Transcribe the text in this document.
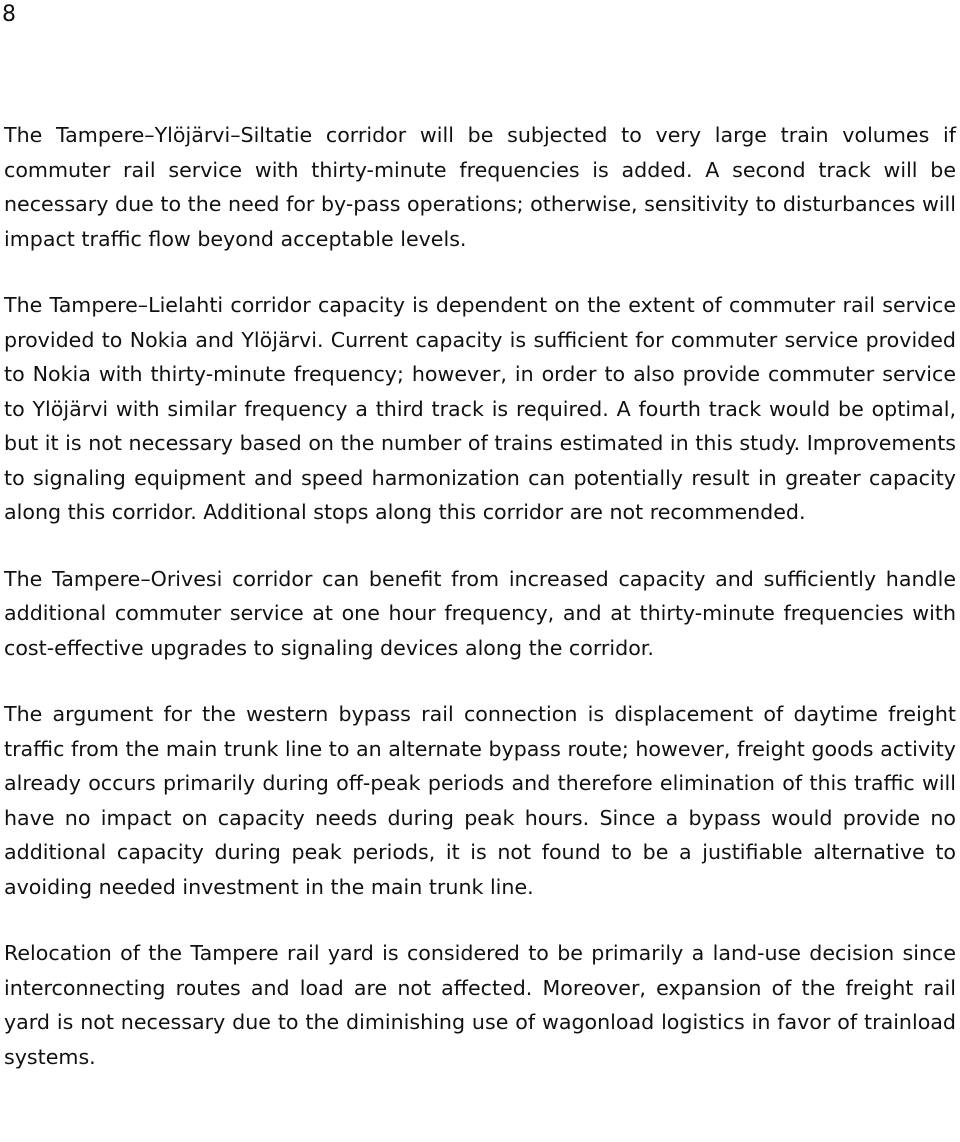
8

The Tampere–Ylöjärvi–Siltatie corridor will be subjected to very large train volumes if commuter rail service with thirty-minute frequencies is added. A second track will be necessary due to the need for by-pass operations; otherwise, sensitivity to disturbances will impact traffic flow beyond acceptable levels.

The Tampere–Lielahti corridor capacity is dependent on the extent of commuter rail service provided to Nokia and Ylöjärvi. Current capacity is sufficient for commuter service provided to Nokia with thirty-minute frequency; however, in order to also provide commuter service to Ylöjärvi with similar frequency a third track is required. A fourth track would be optimal, but it is not necessary based on the number of trains estimated in this study. Improvements to signaling equipment and speed harmonization can potentially result in greater capacity along this corridor. Additional stops along this corridor are not recommended.

The Tampere–Orivesi corridor can benefit from increased capacity and sufficiently handle additional commuter service at one hour frequency, and at thirty-minute frequencies with cost-effective upgrades to signaling devices along the corridor.

The argument for the western bypass rail connection is displacement of daytime freight traffic from the main trunk line to an alternate bypass route; however, freight goods activity already occurs primarily during off-peak periods and therefore elimination of this traffic will have no impact on capacity needs during peak hours. Since a bypass would provide no additional capacity during peak periods, it is not found to be a justifiable alternative to avoiding needed investment in the main trunk line.

Relocation of the Tampere rail yard is considered to be primarily a land-use decision since interconnecting routes and load are not affected. Moreover, expansion of the freight rail yard is not necessary due to the diminishing use of wagonload logistics in favor of trainload systems.
